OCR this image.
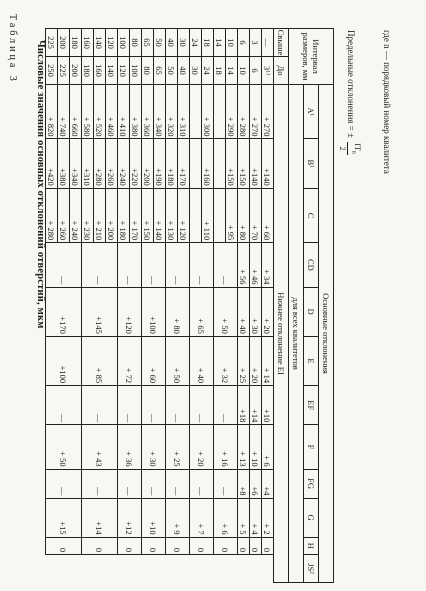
Таблица 3 Числовые значения основных отклонений отверстий, мкм	Интервал размеров, мм		Основные отклонения											
		A¹	B¹	C	CD	D	E	EF	F	FG	G	H	JS²
		для всех квалитетов											
Свыше	До	Нижнее отклонение EI											
—	3¹⁾	+ 270	+140	+ 60	+ 34	+ 20	+ 14	+10	+ 6	+4	+ 2	0	
3	6	+ 270	+140	+ 70	+ 46	+ 30	+ 20	+14	+ 10	+6	+ 4	0	
6	10	+ 280	+150	+ 80	+ 56	+ 40	+ 25	+18	+ 13	+8	+ 5	0	
10	14	+ 290	+150	+ 95	—	+ 50	+ 32	—	+ 16	—	+ 6	0	
14	18												
18	24	+ 300	+160	+ 110	—	+ 65	+ 40	—	+ 20	—	+ 7	0	
24	30												
30	40	+ 310	+170	+ 120	—	+ 80	+ 50	—	+ 25	—	+ 9	0	
40	50	+ 320	+180	+ 130									
50	65	+ 340	+190	+ 140	—	+100	+ 60	—	+ 30	—	+10	0	
65	80	+ 360	+200	+ 150									
80	100	+ 380	+220	+ 170	—	+120	+ 72	—	+ 36	—	+12	0	
100	120	+ 410	+240	+ 180									
120	140	+ 460	+260	+ 200	—	+145	+ 85	—	+ 43	—	+14	0	
140	160	+ 520	+280	+ 210									
160	180	+ 580	+310	+ 230									
180	200	+ 660	+340	+ 240	—	+170	+100	—	+ 50	—	+15	0	
200	225	+ 740	+380	+ 260									
225	250	+ 820	+420	+ 280									
Предельные отклонения = ±
$IT_n$
2	где n — порядковый номер квалитета
